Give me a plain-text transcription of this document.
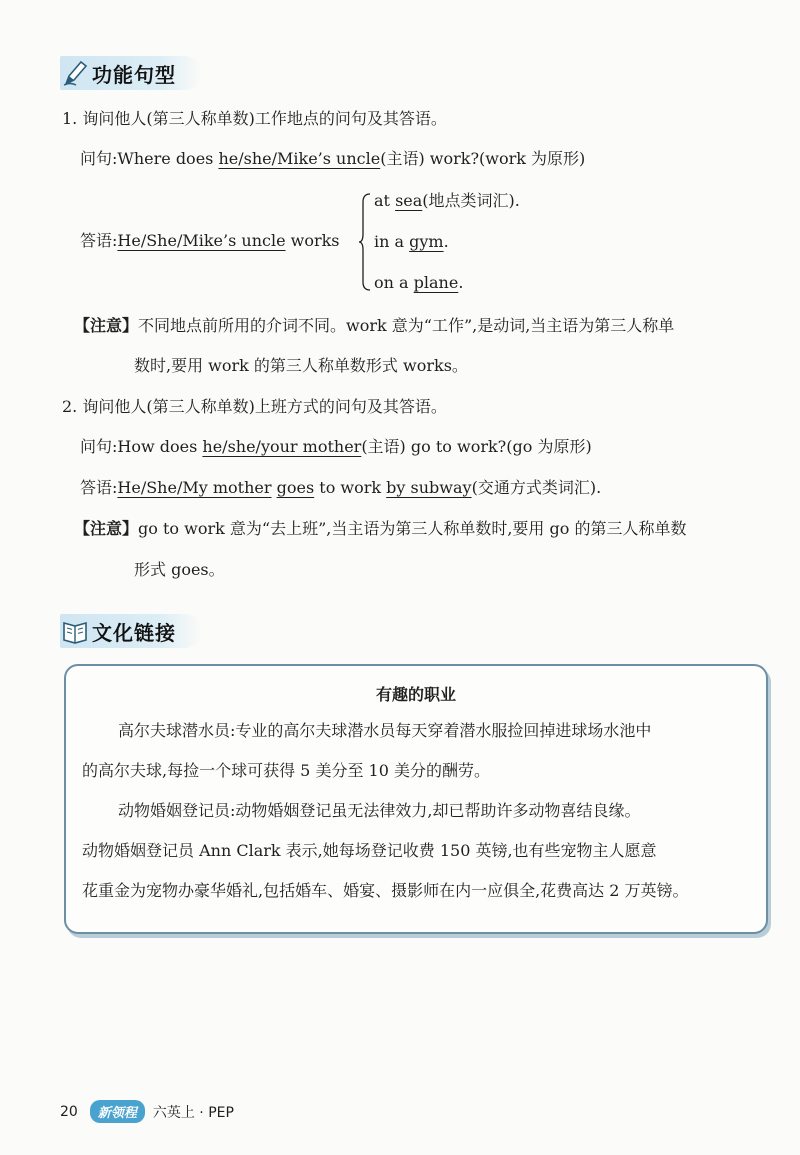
功能句型
1. 询问他人(第三人称单数)工作地点的问句及其答语。
问句:Where does he/she/Mike’s uncle(主语) work?(work 为原形)
答语:He/She/Mike’s uncle works
at sea(地点类词汇).
in a gym.
on a plane.
【注意】不同地点前所用的介词不同。work 意为“工作”,是动词,当主语为第三人称单
数时,要用 work 的第三人称单数形式 works。
2. 询问他人(第三人称单数)上班方式的问句及其答语。
问句:How does he/she/your mother(主语) go to work?(go 为原形)
答语:He/She/My mother goes to work by subway(交通方式类词汇).
【注意】go to work 意为“去上班”,当主语为第三人称单数时,要用 go 的第三人称单数
形式 goes。
文化链接
有趣的职业
高尔夫球潜水员:专业的高尔夫球潜水员每天穿着潜水服捡回掉进球场水池中
的高尔夫球,每捡一个球可获得 5 美分至 10 美分的酬劳。
动物婚姻登记员:动物婚姻登记虽无法律效力,却已帮助许多动物喜结良缘。
动物婚姻登记员 Ann Clark 表示,她每场登记收费 150 英镑,也有些宠物主人愿意
花重金为宠物办豪华婚礼,包括婚车、婚宴、摄影师在内一应俱全,花费高达 2 万英镑。
20	新领程	六英上 · PEP
